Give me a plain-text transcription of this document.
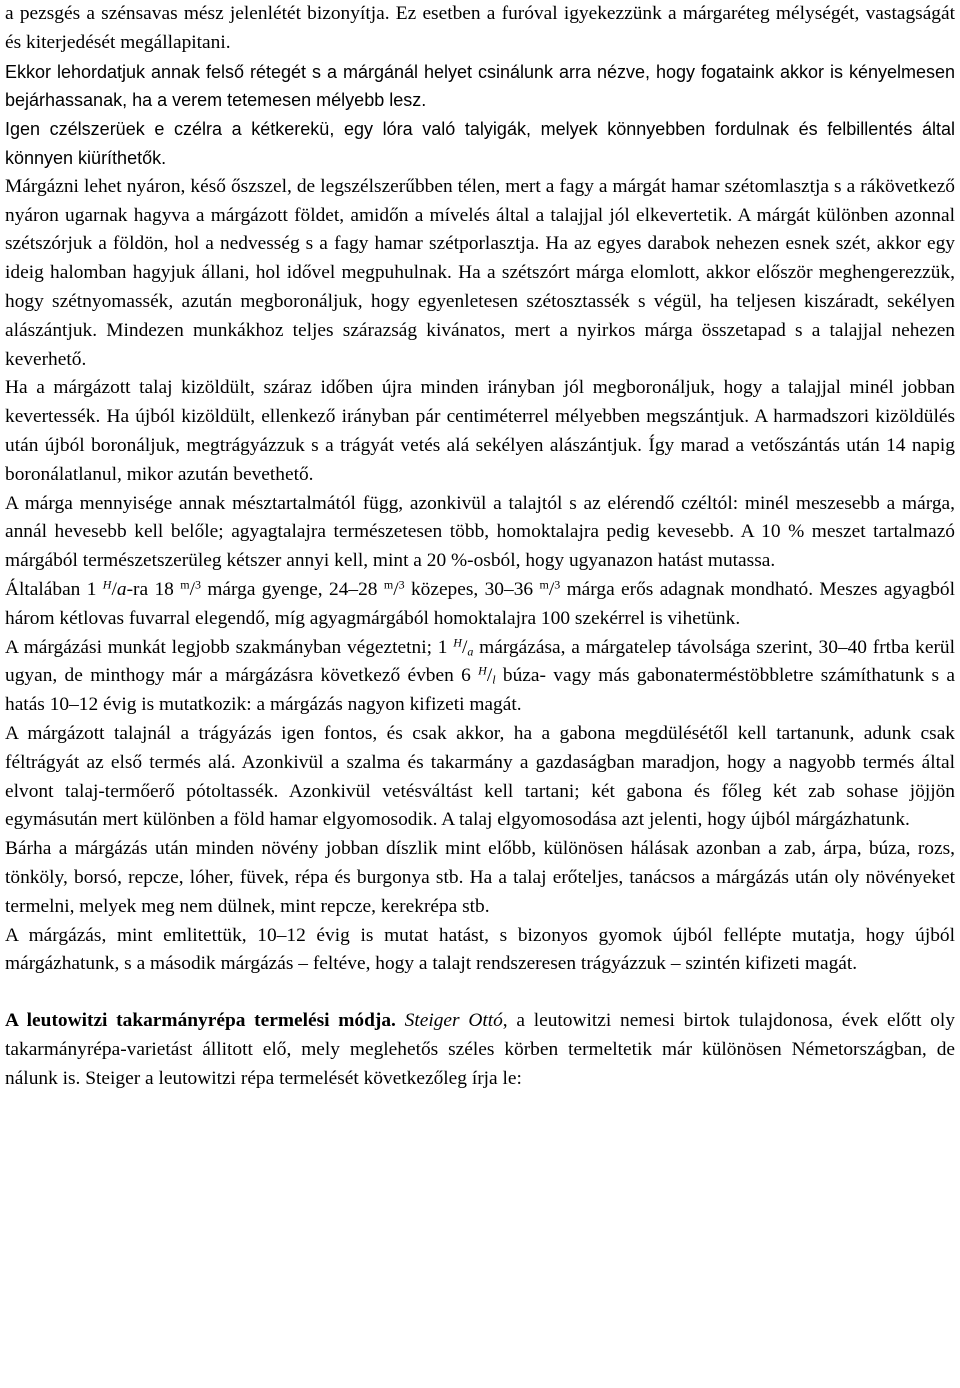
a pezsgés a szénsavas mész jelenlétét bizonyítja. Ez esetben a furóval igyekezzünk a márgaréteg mélységét, vastagságát és kiterjedését megállapitani.

Ekkor lehordatjuk annak felső rétegét s a márgánál helyet csinálunk arra nézve, hogy fogataink akkor is kényelmesen bejárhassanak, ha a verem tetemesen mélyebb lesz.

Igen czélszerüek e czélra a kétkerekü, egy lóra való talyigák, melyek könnyebben fordulnak és felbillentés által könnyen kiüríthetők.

Márgázni lehet nyáron, késő őszszel, de legszélszerűbben télen, mert a fagy a márgát hamar szétomlasztja s a rákövetkező nyáron ugarnak hagyva a márgázott földet, amidőn a mívelés által a talajjal jól elkevertetik. A márgát különben azonnal szétszórjuk a földön, hol a nedvesség s a fagy hamar szétporlasztja. Ha az egyes darabok nehezen esnek szét, akkor egy ideig halomban hagyjuk állani, hol idővel megpuhulnak. Ha a szétszórt márga elomlott, akkor először meghengerezzük, hogy szétnyomassék, azután megboronáljuk, hogy egyenletesen szétosztassék s végül, ha teljesen kiszáradt, sekélyen alászántjuk. Mindezen munkákhoz teljes szárazság kivánatos, mert a nyirkos márga összetapad s a talajjal nehezen keverhető.

Ha a márgázott talaj kizöldült, száraz időben újra minden irányban jól megboronáljuk, hogy a talajjal minél jobban kevertessék. Ha újból kizöldült, ellenkező irányban pár centiméterrel mélyebben megszántjuk. A harmadszori kizöldülés után újból boronáljuk, megtrágyázzuk s a trágyát vetés alá sekélyen alászántjuk. Így marad a vetőszántás után 14 napig boronálatlanul, mikor azután bevethető.

A márga mennyisége annak mésztartalmától függ, azonkivül a talajtól s az elérendő czéltól: minél meszesebb a márga, annál hevesebb kell belőle; agyagtalajra természetesen több, homoktalajra pedig kevesebb. A 10 % meszet tartalmazó márgából természetszerüleg kétszer annyi kell, mint a 20 %-osból, hogy ugyanazon hatást mutassa.

Általában 1 $^H$/a-ra 18 $^m$/$^3$ márga gyenge, 24–28 $^m$/$^3$ közepes, 30–36 $^m$/$^3$ márga erős adagnak mondható. Meszes agyagból három kétlovas fuvarral elegendő, míg agyagmárgából homoktalajra 100 szekérrel is vihetünk.

A márgázási munkát legjobb szakmányban végeztetni; 1 $^H/_a$ márgázása, a márgatelep távolsága szerint, 30–40 frtba kerül ugyan, de minthogy már a márgázásra következő évben 6 $^H/_l$ búza- vagy más gabonaterméstöbbletre számíthatunk s a hatás 10–12 évig is mutatkozik: a márgázás nagyon kifizeti magát.

A márgázott talajnál a trágyázás igen fontos, és csak akkor, ha a gabona megdülésétől kell tartanunk, adunk csak féltrágyát az első termés alá. Azonkivül a szalma és takarmány a gazdaságban maradjon, hogy a nagyobb termés által elvont talaj-termőerő pótoltassék. Azonkivül vetésváltást kell tartani; két gabona és főleg két zab sohase jöjjön egymásután mert különben a föld hamar elgyomosodik. A talaj elgyomosodása azt jelenti, hogy újból márgázhatunk.

Bárha a márgázás után minden növény jobban díszlik mint előbb, különösen hálásak azonban a zab, árpa, búza, rozs, tönköly, borsó, repcze, lóher, füvek, répa és burgonya stb. Ha a talaj erőteljes, tanácsos a márgázás után oly növényeket termelni, melyek meg nem dülnek, mint repcze, kerekrépa stb.

A márgázás, mint emlitettük, 10–12 évig is mutat hatást, s bizonyos gyomok újból fellépte mutatja, hogy újból márgázhatunk, s a második márgázás – feltéve, hogy a talajt rendszeresen trágyázzuk – szintén kifizeti magát.

A leutowitzi takarmányrépa termelési módja. Steiger Ottó, a leutowitzi nemesi birtok tulajdonosa, évek előtt oly takarmányrépa-varietást állitott elő, mely meglehetős széles körben termeltetik már különösen Németországban, de nálunk is. Steiger a leutowitzi répa termelését következőleg írja le:
